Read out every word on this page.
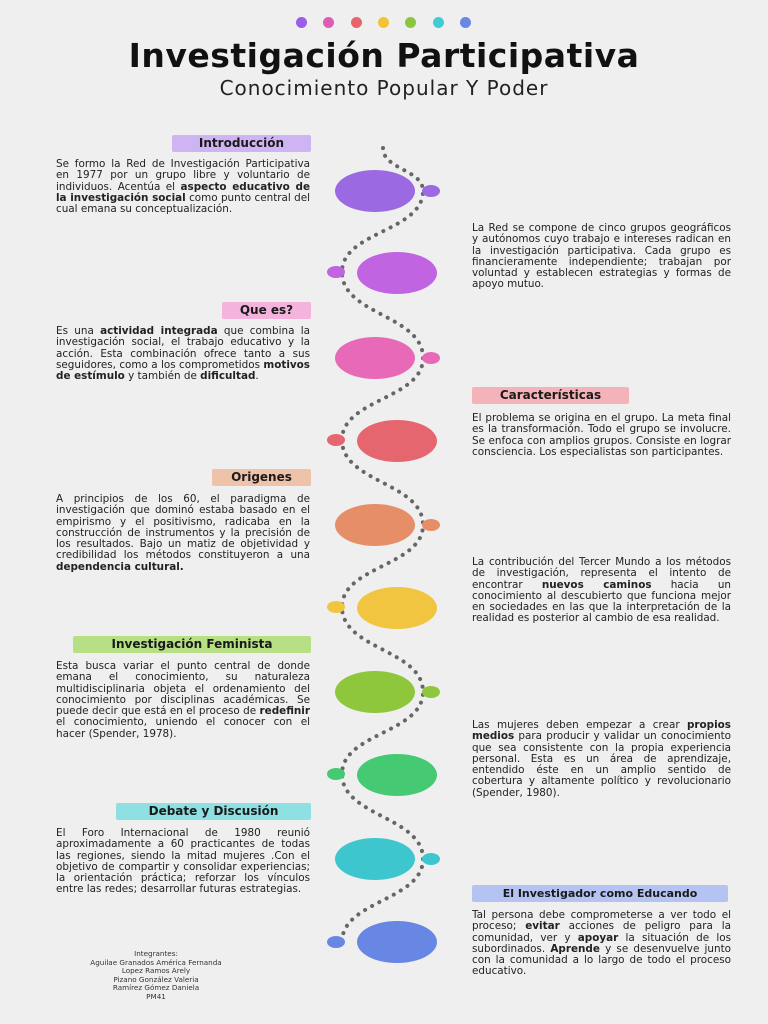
Investigación Participativa
Conocimiento Popular Y Poder
Introducción
Se formo la Red de Investigación Participativa en 1977 por un grupo libre y voluntario de individuos. Acentúa el aspecto educativo de la investigación social como punto central del cual emana su conceptualización.
Que es?
Es una actividad integrada que combina la investigación social, el trabajo educativo y la acción. Esta combinación ofrece tanto a sus seguidores, como a los comprometidos motivos de estímulo y también de dificultad.
Origenes
A principios de los 60, el paradigma de investigación que dominó estaba basado en el empirismo y el positivismo, radicaba en la construcción de instrumentos y la precisión de los resultados. Bajo un matiz de objetividad y credibilidad los métodos constituyeron a una dependencia cultural.
Investigación Feminista
Esta busca variar el punto central de donde emana el conocimiento, su naturaleza multidisciplinaria objeta el ordenamiento del conocimiento por disciplinas académicas. Se puede decir que está en el proceso de redefinir el conocimiento, uniendo el conocer con el hacer (Spender, 1978).
Debate y Discusión
El Foro Internacional de 1980 reunió aproximadamente a 60 practicantes de todas las regiones, siendo la mitad mujeres .Con el objetivo de compartir y consolidar experiencias; la orientación práctica; reforzar los vínculos entre las redes; desarrollar futuras estrategias.
La Red se compone de cinco grupos geográficos y autónomos cuyo trabajo e intereses radican en la investigación participativa. Cada grupo es financieramente independiente; trabajan por voluntad y establecen estrategias y formas de apoyo mutuo.
Características
El problema se origina en el grupo. La meta final es la transformación. Todo el grupo se involucre. Se enfoca con amplios grupos. Consiste en lograr consciencia. Los especialistas son participantes.
La contribución del Tercer Mundo a los métodos de investigación, representa el intento de encontrar nuevos caminos hacia un conocimiento al descubierto que funciona mejor en sociedades en las que la interpretación de la realidad es posterior al cambio de esa realidad.
Las mujeres deben empezar a crear propios medios para producir y validar un conocimiento que sea consistente con la propia experiencia personal. Esta es un área de aprendizaje, entendido éste en un amplio sentido de cobertura y altamente político y revolucionario (Spender, 1980).
El Investigador como Educando
Tal persona debe comprometerse a ver todo el proceso; evitar acciones de peligro para la comunidad, ver y apoyar la situación de los subordinados. Aprende y se desenvuelve junto con la comunidad a lo largo de todo el proceso educativo.
Integrantes:
Aguilae Granados América Fernanda
Lopez Ramos Arely
Pizano González Valeria
Ramírez Gómez Daniela
PM41
